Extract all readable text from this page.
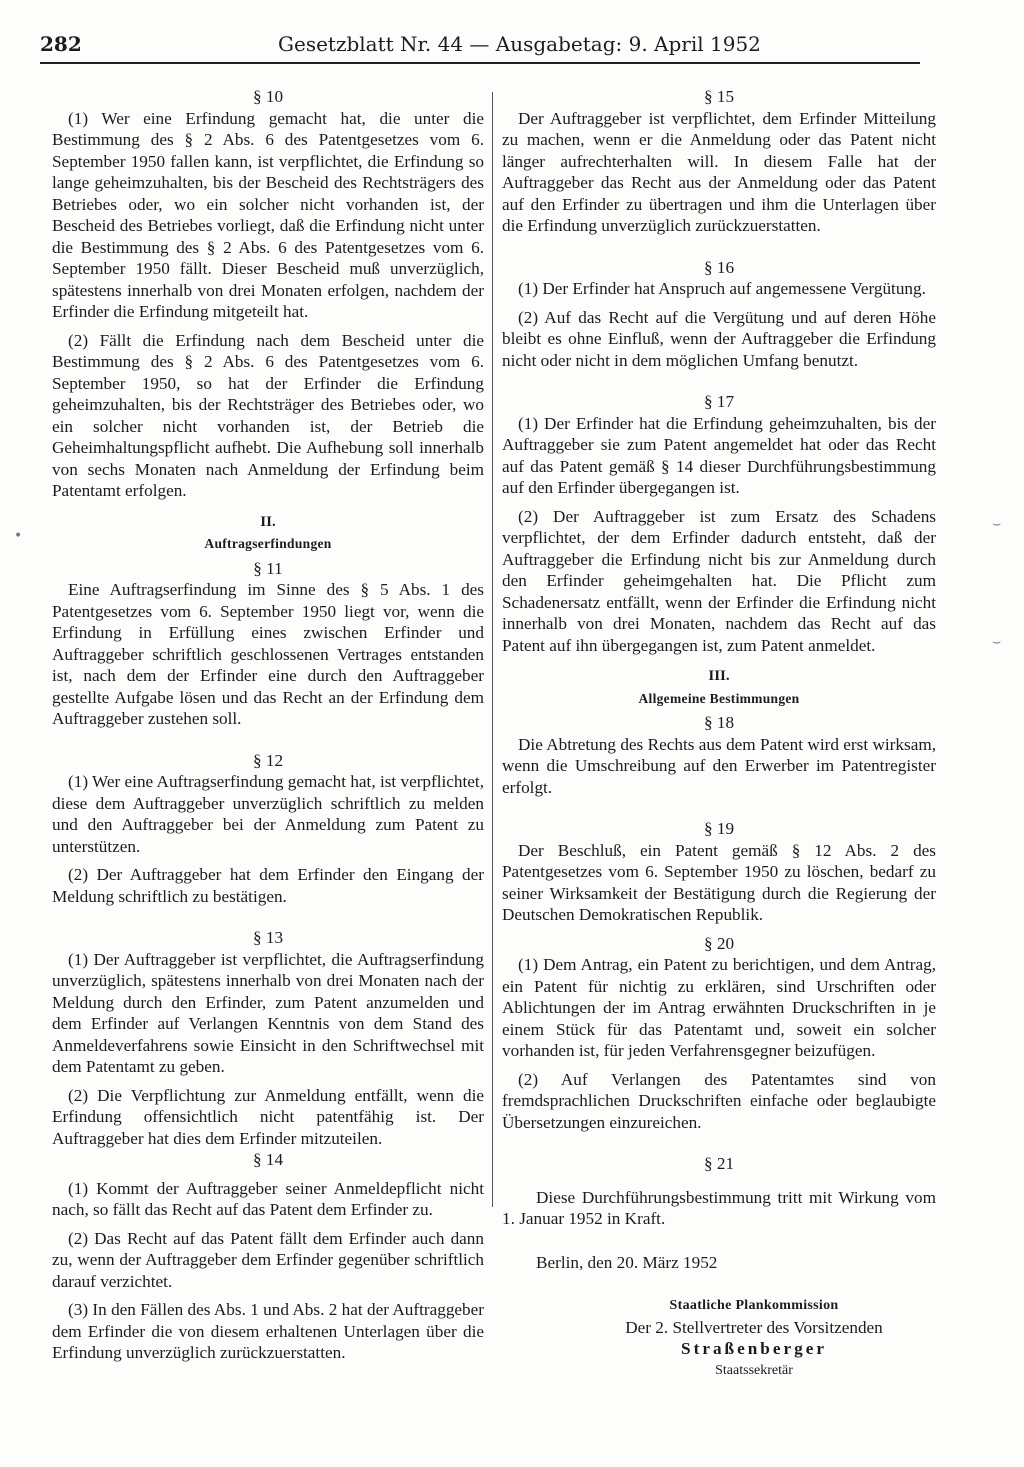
282	Gesetzblatt Nr. 44 — Ausgabetag: 9. April 1952

§ 10

(1) Wer eine Erfindung gemacht hat, die unter die Bestimmung des § 2 Abs. 6 des Patentgesetzes vom 6. September 1950 fallen kann, ist verpflichtet, die Erfindung so lange geheimzuhalten, bis der Bescheid des Rechtsträgers des Betriebes oder, wo ein solcher nicht vorhanden ist, der Bescheid des Betriebes vorliegt, daß die Erfindung nicht unter die Bestimmung des § 2 Abs. 6 des Patentgesetzes vom 6. September 1950 fällt. Dieser Bescheid muß unverzüglich, spätestens innerhalb von drei Monaten erfolgen, nachdem der Erfinder die Erfindung mitgeteilt hat.

(2) Fällt die Erfindung nach dem Bescheid unter die Bestimmung des § 2 Abs. 6 des Patentgesetzes vom 6. September 1950, so hat der Erfinder die Erfindung geheimzuhalten, bis der Rechtsträger des Betriebes oder, wo ein solcher nicht vorhanden ist, der Betrieb die Geheimhaltungspflicht aufhebt. Die Aufhebung soll innerhalb von sechs Monaten nach Anmeldung der Erfindung beim Patentamt erfolgen.

II.

Auftragserfindungen

§ 11

Eine Auftragserfindung im Sinne des § 5 Abs. 1 des Patentgesetzes vom 6. September 1950 liegt vor, wenn die Erfindung in Erfüllung eines zwischen Erfinder und Auftraggeber schriftlich geschlossenen Vertrages entstanden ist, nach dem der Erfinder eine durch den Auftraggeber gestellte Aufgabe lösen und das Recht an der Erfindung dem Auftraggeber zustehen soll.

§ 12

(1) Wer eine Auftragserfindung gemacht hat, ist verpflichtet, diese dem Auftraggeber unverzüglich schriftlich zu melden und den Auftraggeber bei der Anmeldung zum Patent zu unterstützen.

(2) Der Auftraggeber hat dem Erfinder den Eingang der Meldung schriftlich zu bestätigen.

§ 13

(1) Der Auftraggeber ist verpflichtet, die Auftragserfindung unverzüglich, spätestens innerhalb von drei Monaten nach der Meldung durch den Erfinder, zum Patent anzumelden und dem Erfinder auf Verlangen Kenntnis von dem Stand des Anmeldeverfahrens sowie Einsicht in den Schriftwechsel mit dem Patentamt zu geben.

(2) Die Verpflichtung zur Anmeldung entfällt, wenn die Erfindung offensichtlich nicht patentfähig ist. Der Auftraggeber hat dies dem Erfinder mitzuteilen.

§ 14

(1) Kommt der Auftraggeber seiner Anmeldepflicht nicht nach, so fällt das Recht auf das Patent dem Erfinder zu.

(2) Das Recht auf das Patent fällt dem Erfinder auch dann zu, wenn der Auftraggeber dem Erfinder gegenüber schriftlich darauf verzichtet.

(3) In den Fällen des Abs. 1 und Abs. 2 hat der Auftraggeber dem Erfinder die von diesem erhaltenen Unterlagen über die Erfindung unverzüglich zurückzuerstatten.

§ 15

Der Auftraggeber ist verpflichtet, dem Erfinder Mitteilung zu machen, wenn er die Anmeldung oder das Patent nicht länger aufrechterhalten will. In diesem Falle hat der Auftraggeber das Recht aus der Anmeldung oder das Patent auf den Erfinder zu übertragen und ihm die Unterlagen über die Erfindung unverzüglich zurückzuerstatten.

§ 16

(1) Der Erfinder hat Anspruch auf angemessene Vergütung.

(2) Auf das Recht auf die Vergütung und auf deren Höhe bleibt es ohne Einfluß, wenn der Auftraggeber die Erfindung nicht oder nicht in dem möglichen Umfang benutzt.

§ 17

(1) Der Erfinder hat die Erfindung geheimzuhalten, bis der Auftraggeber sie zum Patent angemeldet hat oder das Recht auf das Patent gemäß § 14 dieser Durchführungsbestimmung auf den Erfinder übergegangen ist.

(2) Der Auftraggeber ist zum Ersatz des Schadens verpflichtet, der dem Erfinder dadurch entsteht, daß der Auftraggeber die Erfindung nicht bis zur Anmeldung durch den Erfinder geheimgehalten hat. Die Pflicht zum Schadenersatz entfällt, wenn der Erfinder die Erfindung nicht innerhalb von drei Monaten, nachdem das Recht auf das Patent auf ihn übergegangen ist, zum Patent anmeldet.

III.

Allgemeine Bestimmungen

§ 18

Die Abtretung des Rechts aus dem Patent wird erst wirksam, wenn die Umschreibung auf den Erwerber im Patentregister erfolgt.

§ 19

Der Beschluß, ein Patent gemäß § 12 Abs. 2 des Patentgesetzes vom 6. September 1950 zu löschen, bedarf zu seiner Wirksamkeit der Bestätigung durch die Regierung der Deutschen Demokratischen Republik.

§ 20

(1) Dem Antrag, ein Patent zu berichtigen, und dem Antrag, ein Patent für nichtig zu erklären, sind Urschriften oder Ablichtungen der im Antrag erwähnten Druckschriften in je einem Stück für das Patentamt und, soweit ein solcher vorhanden ist, für jeden Verfahrensgegner beizufügen.

(2) Auf Verlangen des Patentamtes sind von fremdsprachlichen Druckschriften einfache oder beglaubigte Übersetzungen einzureichen.

§ 21

Diese Durchführungsbestimmung tritt mit Wirkung vom 1. Januar 1952 in Kraft.

Berlin, den 20. März 1952

Staatliche Plankommission

Der 2. Stellvertreter des Vorsitzenden

Straßenberger

Staatssekretär

•
⌣
⌣
